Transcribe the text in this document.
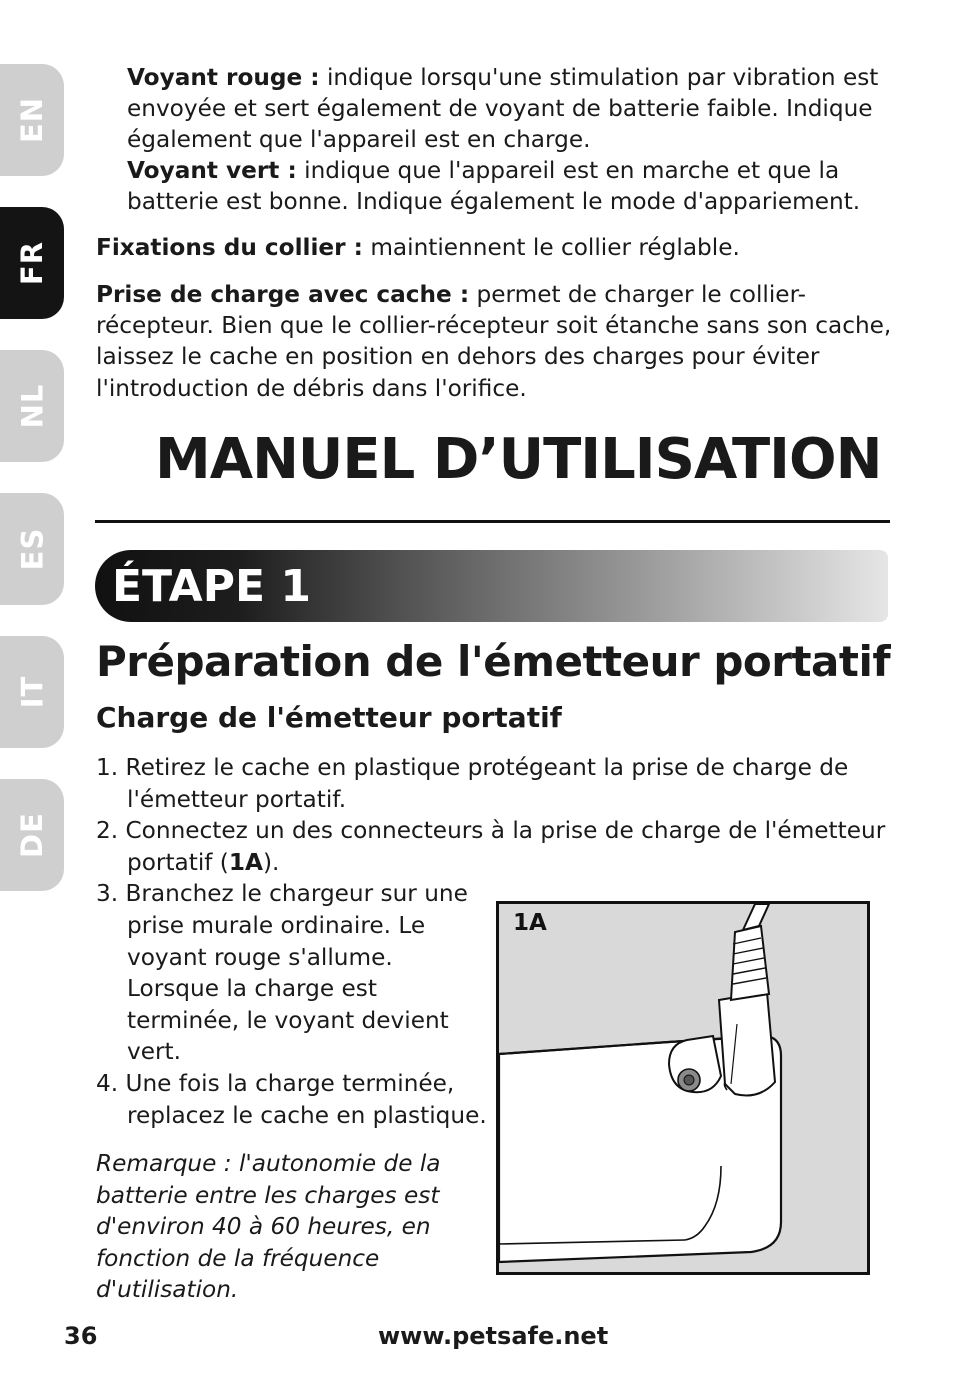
EN
FR
NL
ES
IT
DE

Voyant rouge : indique lorsqu'une stimulation par vibration est envoyée et sert également de voyant de batterie faible. Indique également que l'appareil est en charge.

Voyant vert : indique que l'appareil est en marche et que la batterie est bonne. Indique également le mode d'appariement.

Fixations du collier : maintiennent le collier réglable.

Prise de charge avec cache : permet de charger le collier-récepteur. Bien que le collier-récepteur soit étanche sans son cache, laissez le cache en position en dehors des charges pour éviter l'introduction de débris dans l'orifice.

MANUEL D’UTILISATION
ÉTAPE 1
Préparation de l'émetteur portatif
Charge de l'émetteur portatif
1. Retirez le cache en plastique protégeant la prise de charge de l'émetteur portatif.
2. Connectez un des connecteurs à la prise de charge de l'émetteur portatif (1A).
3. Branchez le chargeur sur une prise murale ordinaire. Le voyant rouge s'allume. Lorsque la charge est terminée, le voyant devient vert.
4. Une fois la charge terminée, replacez le cache en plastique.

Remarque : l'autonomie de la batterie entre les charges est d'environ 40 à 60 heures, en fonction de la fréquence d'utilisation.

1A
36	www.petsafe.net
